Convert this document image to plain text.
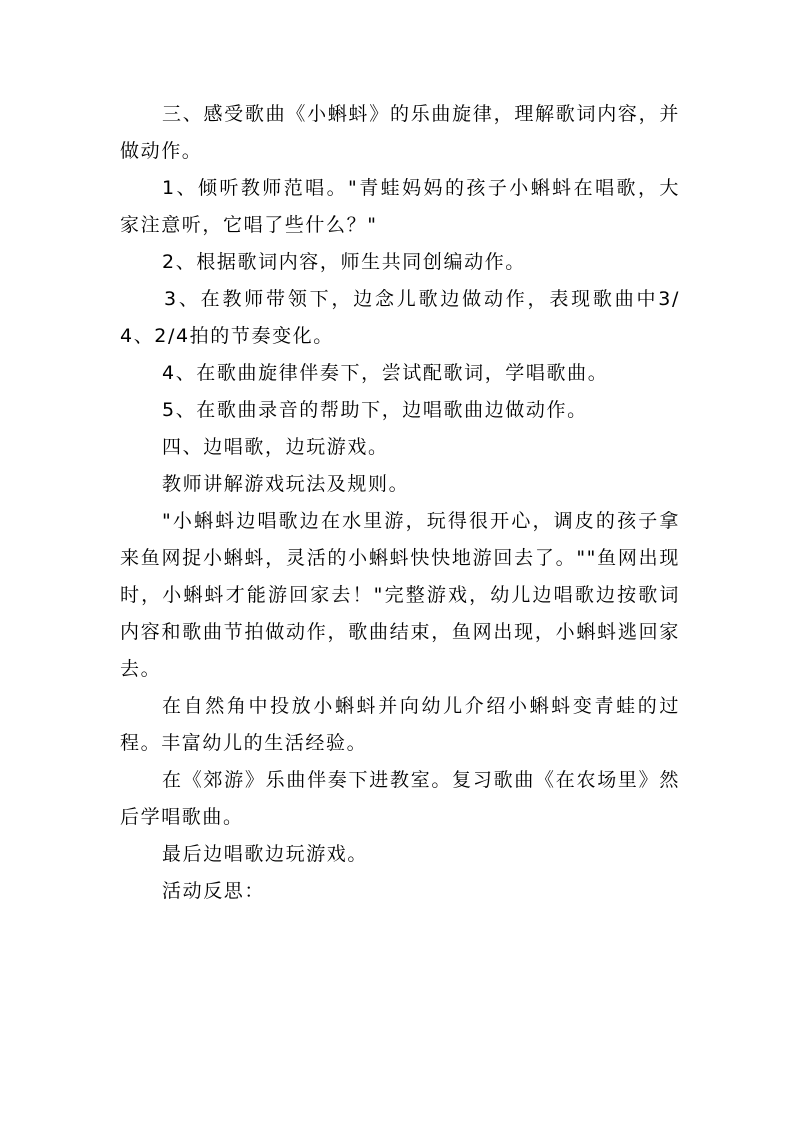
三、感受歌曲《小蝌蚪》的乐曲旋律，理解歌词内容，并做动作。

1、倾听教师范唱。"青蛙妈妈的孩子小蝌蚪在唱歌，大家注意听，它唱了些什么？"

2、根据歌词内容，师生共同创编动作。

3、在教师带领下，边念儿歌边做动作，表现歌曲中3/4、2/4拍的节奏变化。

4、在歌曲旋律伴奏下，尝试配歌词，学唱歌曲。

5、在歌曲录音的帮助下，边唱歌曲边做动作。

四、边唱歌，边玩游戏。

教师讲解游戏玩法及规则。

"小蝌蚪边唱歌边在水里游，玩得很开心，调皮的孩子拿来鱼网捉小蝌蚪，灵活的小蝌蚪快快地游回去了。""鱼网出现时，小蝌蚪才能游回家去！"完整游戏，幼儿边唱歌边按歌词内容和歌曲节拍做动作，歌曲结束，鱼网出现，小蝌蚪逃回家去。

在自然角中投放小蝌蚪并向幼儿介绍小蝌蚪变青蛙的过程。丰富幼儿的生活经验。

在《郊游》乐曲伴奏下进教室。复习歌曲《在农场里》然后学唱歌曲。

最后边唱歌边玩游戏。

活动反思：
